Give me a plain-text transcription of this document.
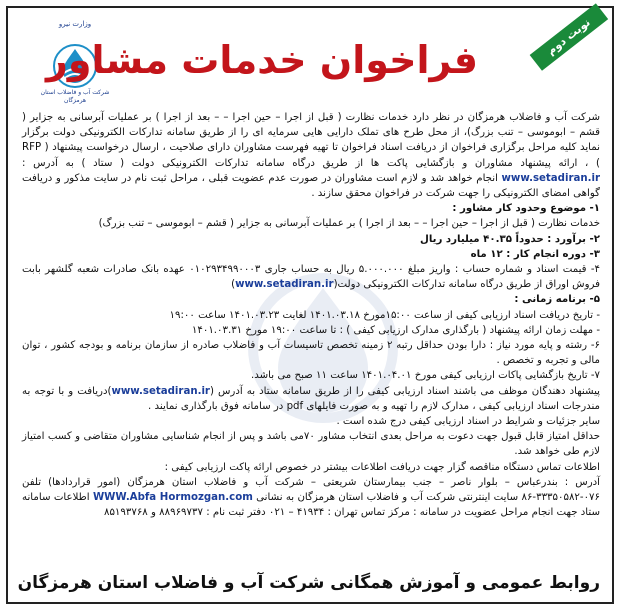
وزارت نیرو
شرکت آب و فاضلاب استان هرمزگان
فراخوان خدمات مشاور
نوبت دوم

شرکت آب و فاضلاب هرمزگان در نظر دارد خدمات نظارت ( قبل از اجرا – حین اجرا – – بعد از اجرا ) بر عملیات آبرسانی به جزایر ( قشم – ابوموسی – تنب بزرگ)، از محل طرح های تملک دارایی هایی سرمایه ای را از طریق سامانه تدارکات الکترونیکی دولت برگزار نماید کلیه مراحل برگزاری فراخوان از دریافت اسناد فراخوان تا تهیه فهرست مشاوران دارای صلاحیت ، ارسال درخواست پیشنهاد ( RFP ) ، ارائه پیشنهاد مشاوران و بازگشایی پاکت ها از طریق درگاه سامانه تدارکات الکترونیکی دولت ( ستاد ) به آدرس : www.setadiran.ir انجام خواهد شد و لازم است مشاوران در صورت عدم عضویت قبلی ، مراحل ثبت نام در سایت مذکور و دریافت گواهی امضای الکترونیکی را جهت شرکت در فراخوان محقق سازند .

۱- موضوع وحدود کار مشاور :

خدمات نظارت ( قبل از اجرا – حین اجرا – – بعد از اجرا ) بر عملیات آبرسانی به جزایر ( قشم – ابوموسی – تنب بزرگ)

۲- برآورد : حدوداً ۴۰.۳۵ میلیارد ریال

۳- دوره انجام کار : ۱۲ ماه

۴- قیمت اسناد و شماره حساب : واریز مبلغ ۵.۰۰۰.۰۰۰ ریال به حساب جاری ۰۱۰۲۹۳۴۹۹۰۰۰۳ عهده بانک صادرات شعبه گلشهر بابت فروش اوراق از طریق درگاه سامانه تدارکات الکترونیکی دولت(www.setadiran.ir)

۵- برنامه زمانی :

- تاریخ دریافت اسناد ارزیابی کیفی از ساعت ۱۵:۰۰مورخ ۱۴۰۱.۰۳.۱۸ لغایت ۱۴۰۱.۰۳.۲۳ ساعت ۱۹:۰۰

- مهلت زمان ارائه پیشنهاد ( بارگذاری مدارک ارزیابی کیفی ) : تا ساعت ۱۹:۰۰ مورخ ۱۴۰۱.۰۳.۳۱

۶- رشته و پایه مورد نیاز : دارا بودن حداقل رتبه ۲ زمینه تخصص تاسیسات آب و فاضلاب صادره از سازمان برنامه و بودجه کشور ، توان مالی و تجربه و تخصص .

۷- تاریخ بازگشایی پاکات ارزیابی کیفی مورخ ۱۴۰۱.۰۴.۰۱ ساعت ۱۱ صبح می باشد.

پیشنهاد دهندگان موظف می باشند اسناد ارزیابی کیفی را از طریق سامانه ستاد به آدرس (www.setadiran.ir)دریافت و با توجه به مندرجات اسناد ارزیابی کیفی ، مدارک لازم را تهیه و به صورت فایلهای pdf در سامانه فوق بارگذاری نمایند .

سایر جزئیات و شرایط در اسناد ارزیابی کیفی درج شده است .

حداقل امتیاز قابل قبول جهت دعوت به مراحل بعدی انتخاب مشاور ۷۰می باشد و پس از انجام شناسایی مشاوران متقاضی و کسب امتیاز لازم طی خواهد شد.

اطلاعات تماس دستگاه مناقصه گزار جهت دریافت اطلاعات بیشتر در خصوص ارائه پاکت ارزیابی کیفی :

آدرس : بندرعباس – بلوار ناصر – جنب بیمارستان شریعتی – شرکت آب و فاضلاب استان هرمزگان (امور قراردادها) تلفن ۰۷۶-۳۳۳۵۰۵۸۲-۸۶ سایت اینترنتی شرکت آب و فاضلاب استان هرمزگان به نشانی WWW.Abfa Hormozgan.com اطلاعات سامانه ستاد جهت انجام مراحل عضویت در سامانه : مرکز تماس تهران : ۴۱۹۳۴ – ۰۲۱ دفتر ثبت نام : ۸۸۹۶۹۷۳۷ و ۸۵۱۹۳۷۶۸

روابط عمومی و آموزش همگانی شرکت آب و فاضلاب استان هرمزگان
